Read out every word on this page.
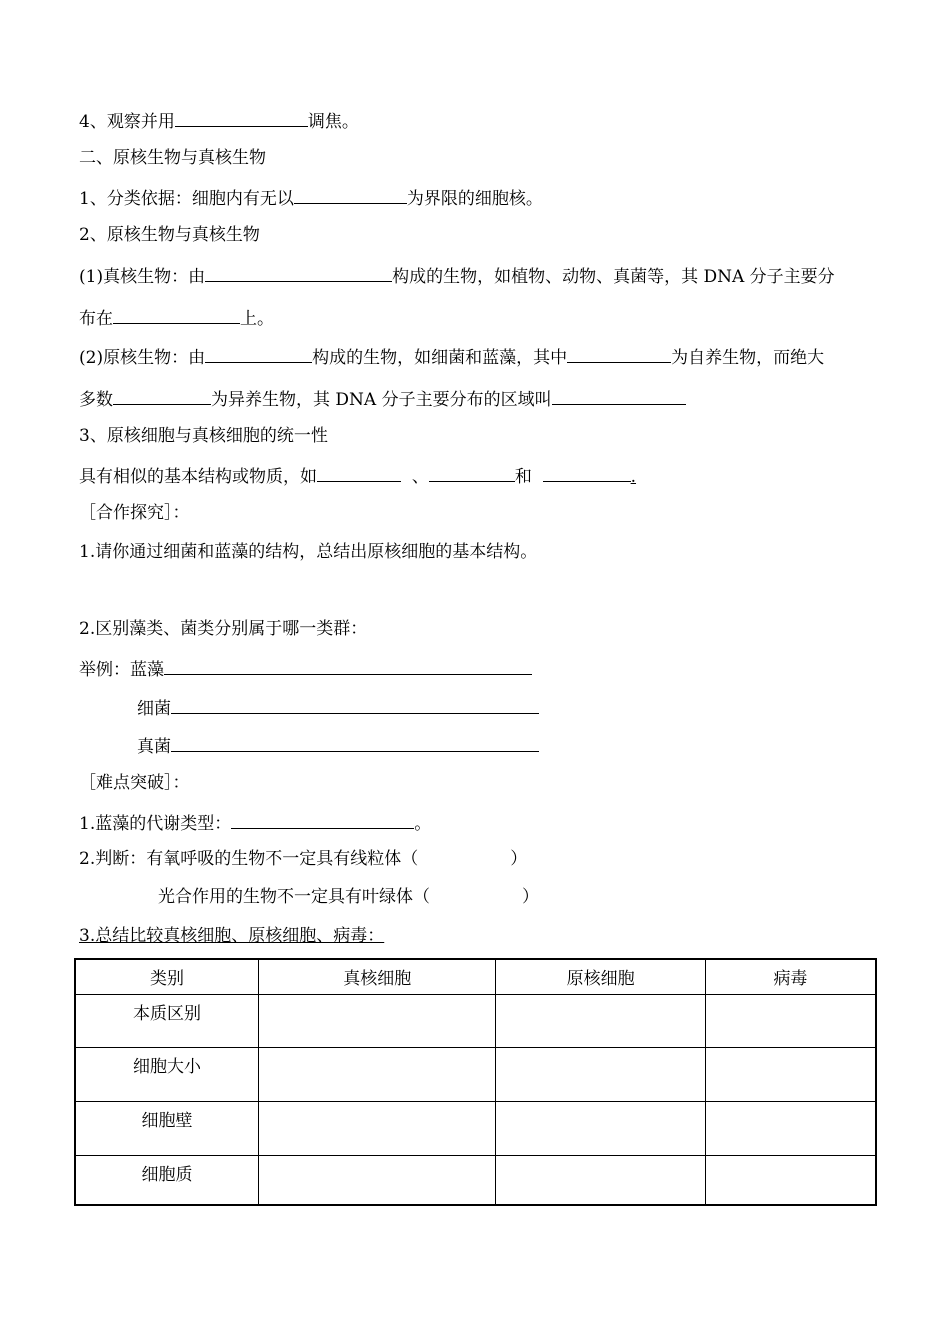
4、观察并用	调焦。
二、原核生物与真核生物
1、分类依据：细胞内有无以	为界限的细胞核。
2、原核生物与真核生物
(1)真核生物：由	构成的生物，如植物、动物、真菌等，其 DNA 分子主要分
布在	上。
(2)原核生物：由	构成的生物，如细菌和蓝藻，其中	为自养生物，而绝大
多数	为异养生物，其 DNA 分子主要分布的区域叫
3、原核细胞与真核细胞的统一性
具有相似的基本结构或物质，如	、	和	.
［合作探究］：
1.请你通过细菌和蓝藻的结构，总结出原核细胞的基本结构。
2.区别藻类、菌类分别属于哪一类群：
举例：蓝藻
细菌
真菌
［难点突破］：
1.蓝藻的代谢类型：	。
2.判断：有氧呼吸的生物不一定具有线粒体（	）
光合作用的生物不一定具有叶绿体（	）
3.总结比较真核细胞、原核细胞、病毒：
类别	真核细胞	原核细胞	病毒
本质区别			
细胞大小			
细胞壁			
细胞质			
